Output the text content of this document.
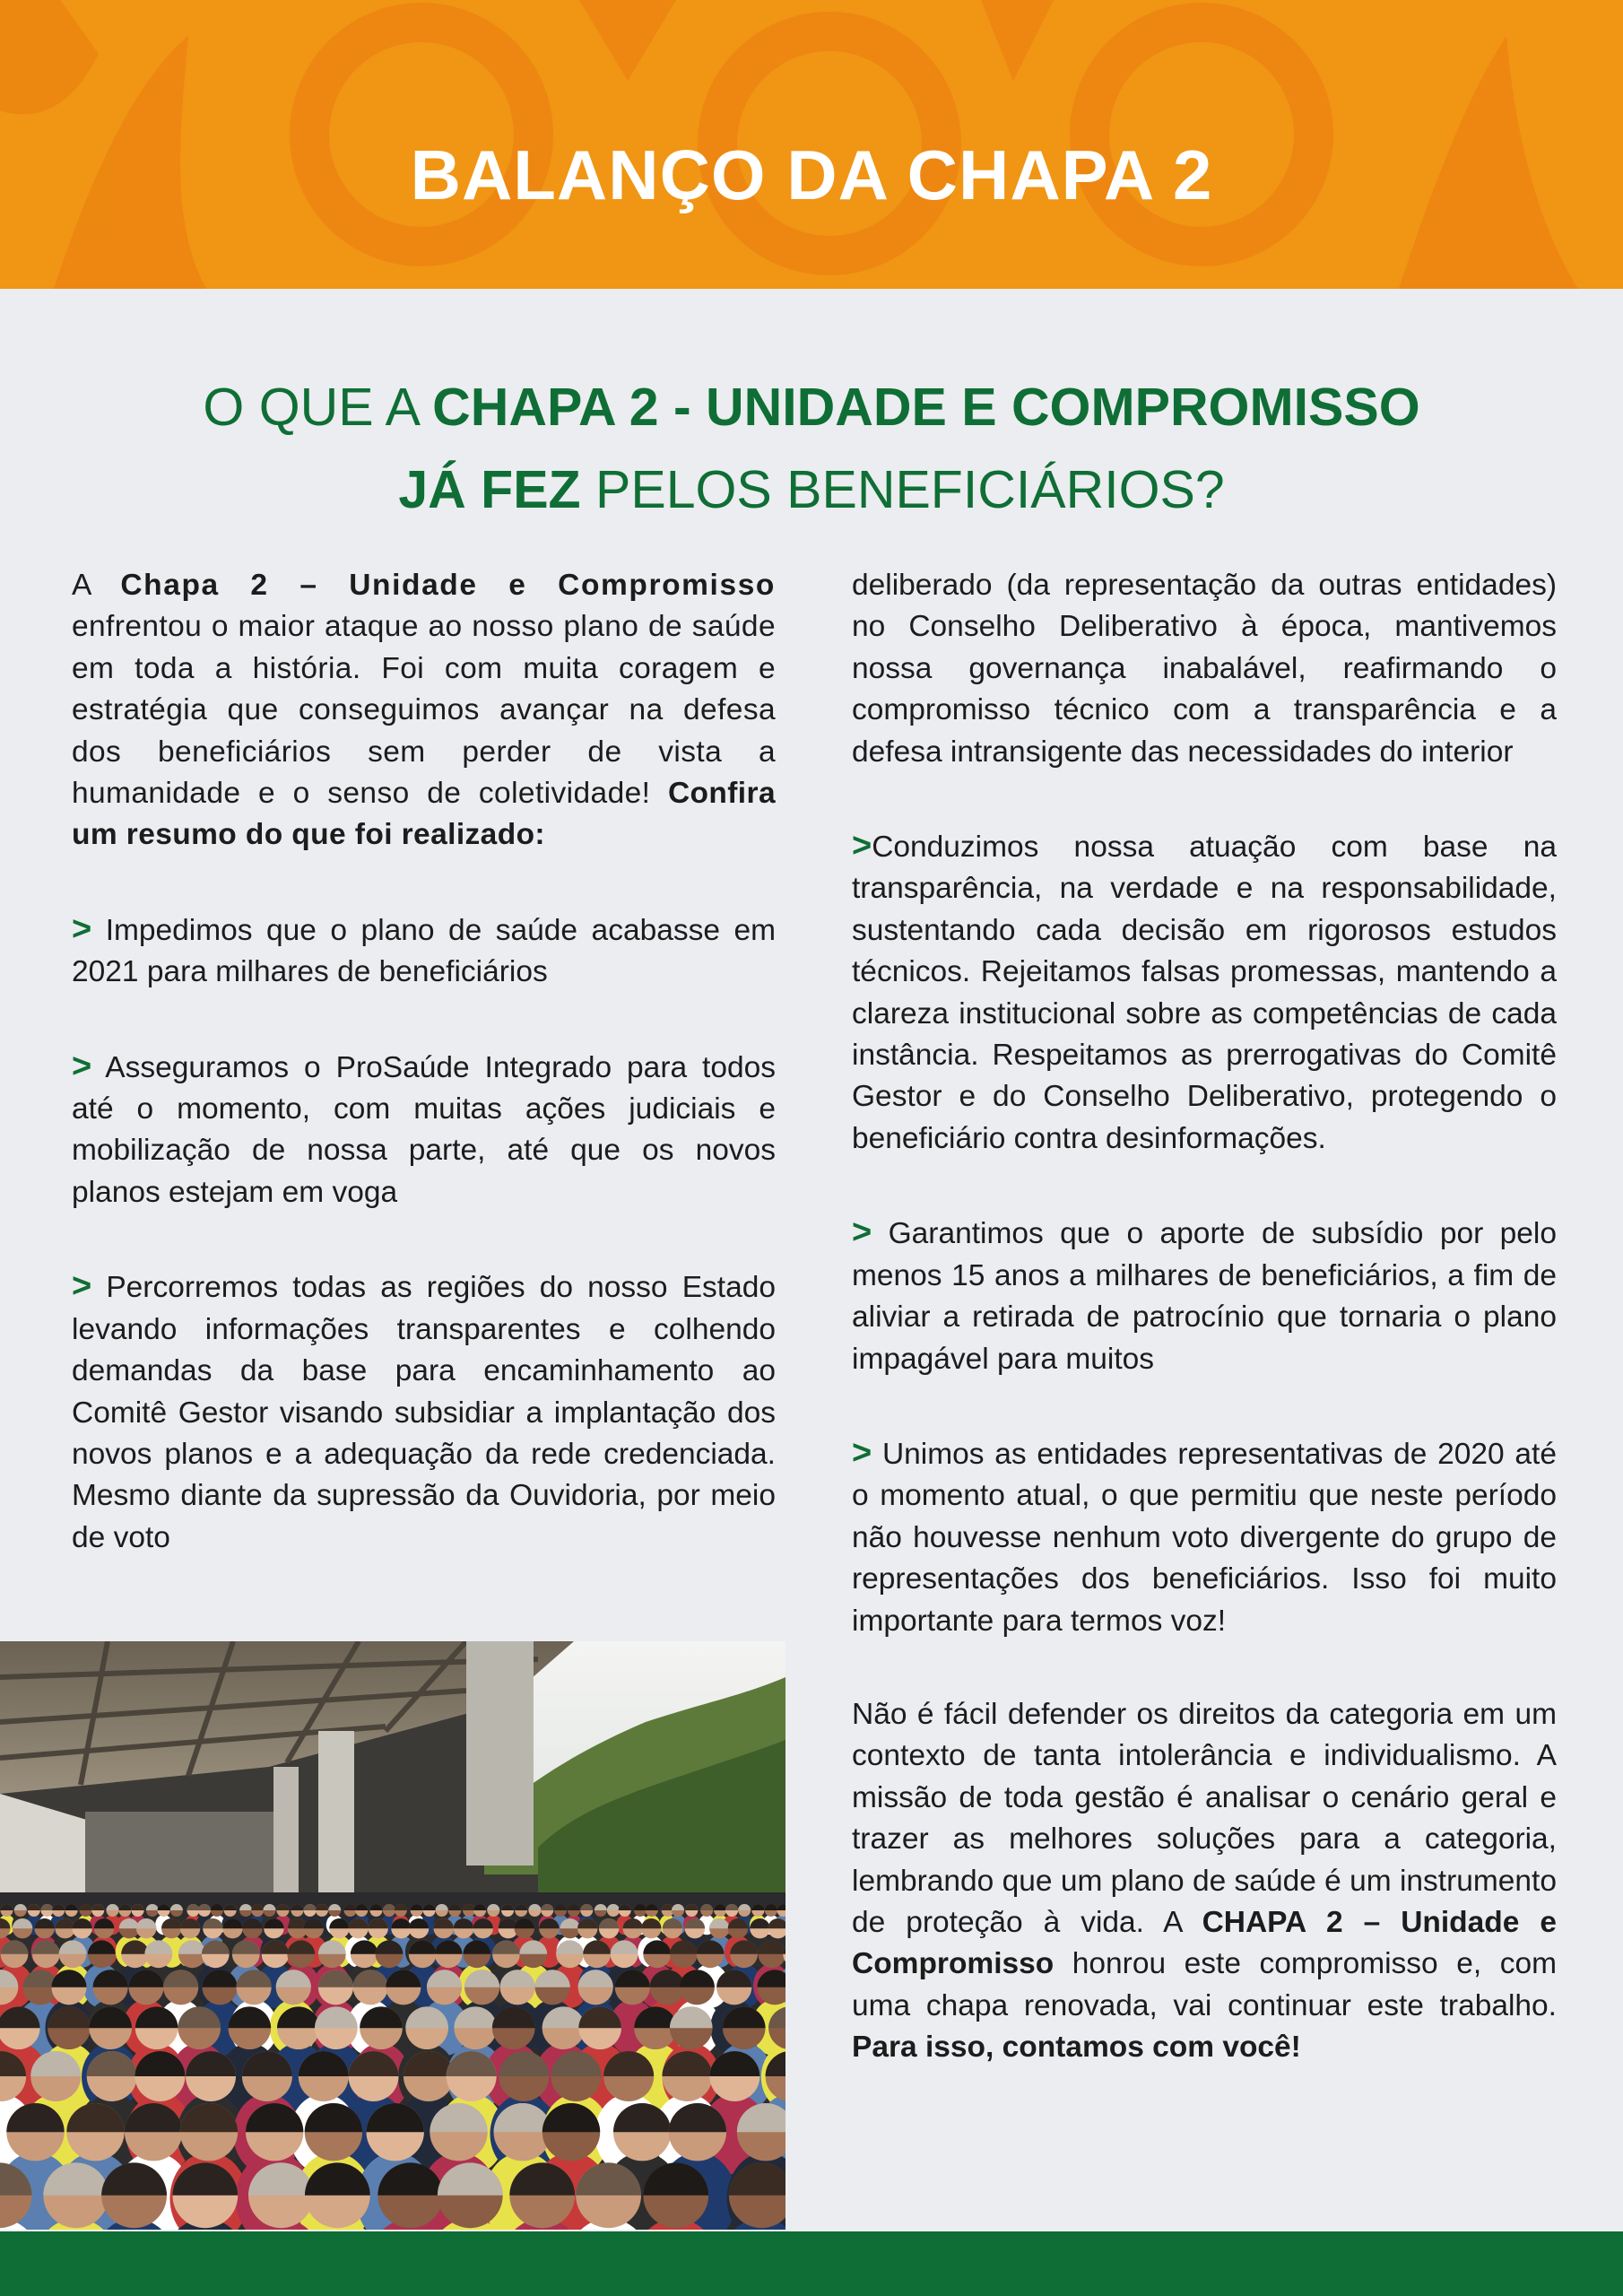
BALANÇO DA CHAPA 2
O QUE A CHAPA 2 - UNIDADE E COMPROMISSO
JÁ FEZ PELOS BENEFICIÁRIOS?

A Chapa 2 – Unidade e Compromisso enfrentou o maior ataque ao nosso plano de saúde em toda a história. Foi com muita coragem e estratégia que conseguimos avançar na defesa dos beneficiários sem perder de vista a humanidade e o senso de coletividade! Confira um resumo do que foi realizado:

> Impedimos que o plano de saúde acabasse em 2021 para milhares de beneficiários

> Asseguramos o ProSaúde Integrado para todos até o momento, com muitas ações judiciais e mobilização de nossa parte, até que os novos planos estejam em voga

> Percorremos todas as regiões do nosso Estado levando informações transparentes e colhendo demandas da base para encaminhamento ao Comitê Gestor visando subsidiar a implantação dos novos planos e a adequação da rede credenciada. Mesmo diante da supressão da Ouvidoria, por meio de voto

deliberado (da representação da outras entidades) no Conselho Deliberativo à época, mantivemos nossa governança inabalável, reafirmando o compromisso técnico com a transparência e a defesa intransigente das necessidades do interior

>Conduzimos nossa atuação com base na transparência, na verdade e na responsabilidade, sustentando cada decisão em rigorosos estudos técnicos. Rejeitamos falsas promessas, mantendo a clareza institucional sobre as competências de cada instância. Respeitamos as prerrogativas do Comitê Gestor e do Conselho Deliberativo, protegendo o beneficiário contra desinformações.

> Garantimos que o aporte de subsídio por pelo menos 15 anos a milhares de beneficiários, a fim de aliviar a retirada de patrocínio que tornaria o plano impagável para muitos

> Unimos as entidades representativas de 2020 até o momento atual, o que permitiu que neste período não houvesse nenhum voto divergente do grupo de representações dos beneficiários. Isso foi muito importante para termos voz!

Não é fácil defender os direitos da categoria em um contexto de tanta intolerância e individualismo. A missão de toda gestão é analisar o cenário geral e trazer as melhores soluções para a categoria, lembrando que um plano de saúde é um instrumento de proteção à vida. A CHAPA 2 – Unidade e Compromisso honrou este compromisso e, com uma chapa renovada, vai continuar este trabalho. Para isso, contamos com você!
